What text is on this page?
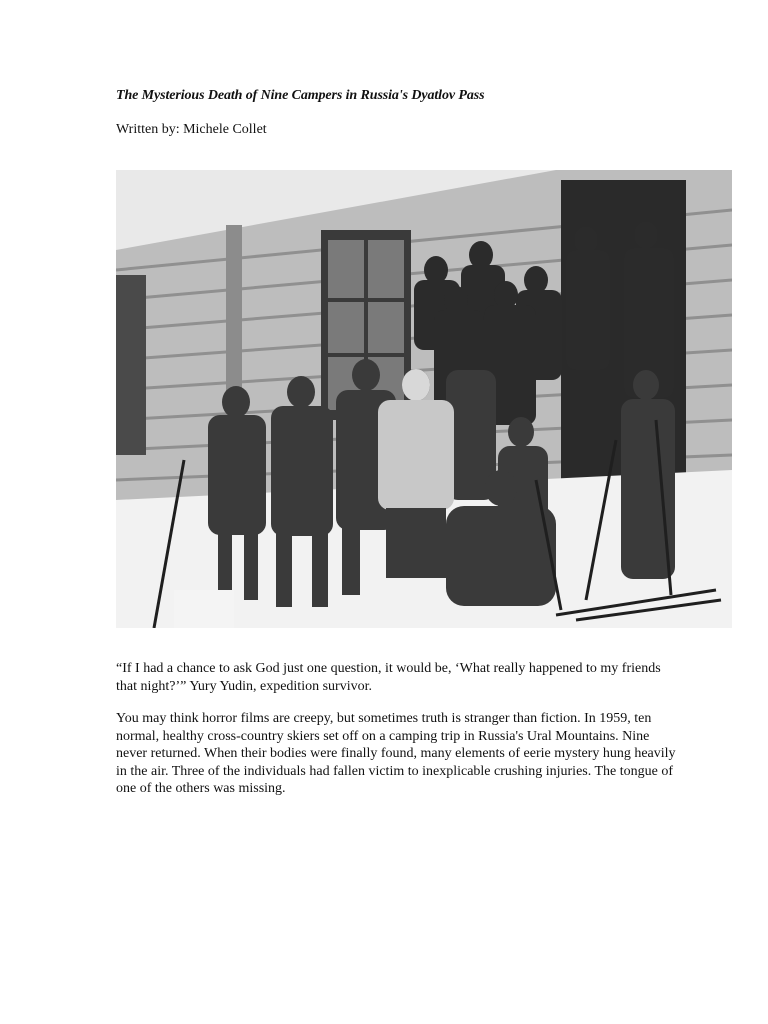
The Mysterious Death of Nine Campers in Russia's Dyatlov Pass
Written by: Michele Collet
“If I had a chance to ask God just one question, it would be, ‘What really happened to my friends that night?’” Yury Yudin, expedition survivor.
You may think horror films are creepy, but sometimes truth is stranger than fiction. In 1959, ten normal, healthy cross-country skiers set off on a camping trip in Russia's Ural Mountains. Nine never returned. When their bodies were finally found, many elements of eerie mystery hung heavily in the air. Three of the individuals had fallen victim to inexplicable crushing injuries. The tongue of one of the others was missing.
